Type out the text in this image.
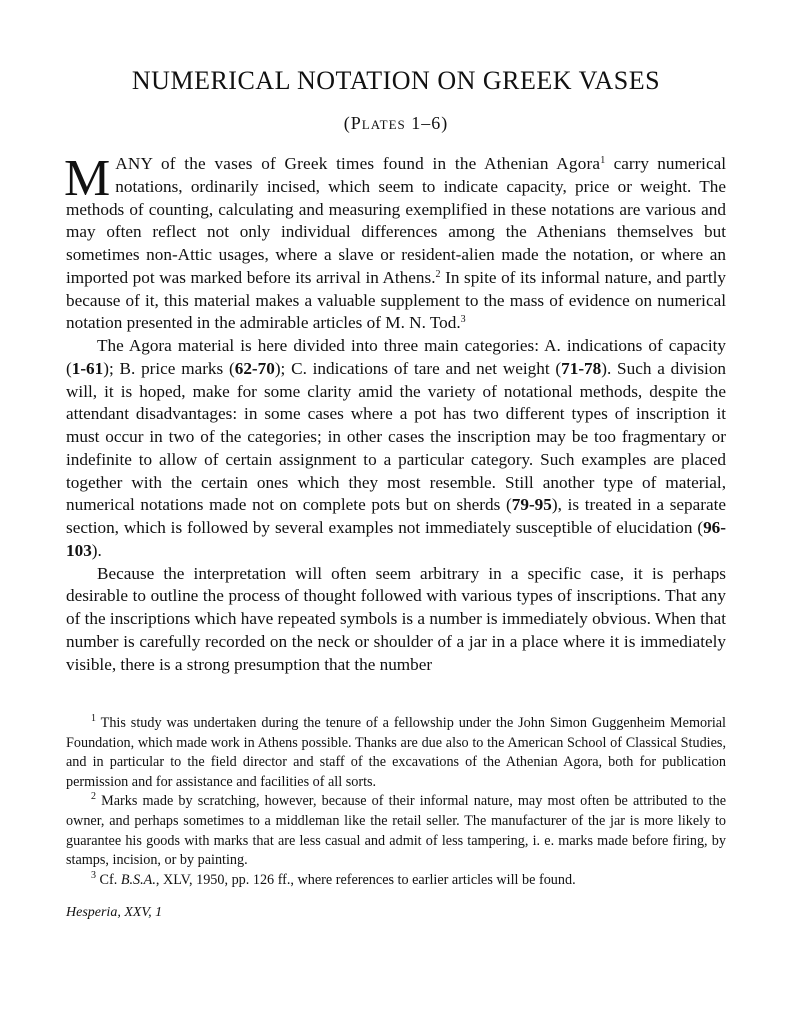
NUMERICAL NOTATION ON GREEK VASES
(Plates 1–6)

MANY of the vases of Greek times found in the Athenian Agora$^1$ carry numerical notations, ordinarily incised, which seem to indicate capacity, price or weight. The methods of counting, calculating and measuring exemplified in these notations are various and may often reflect not only individual differences among the Athenians themselves but sometimes non-Attic usages, where a slave or resident-alien made the notation, or where an imported pot was marked before its arrival in Athens.$^2$ In spite of its informal nature, and partly because of it, this material makes a valuable supplement to the mass of evidence on numerical notation presented in the admirable articles of M. N. Tod.$^3$

The Agora material is here divided into three main categories: A. indications of capacity (1-61); B. price marks (62-70); C. indications of tare and net weight (71-78). Such a division will, it is hoped, make for some clarity amid the variety of notational methods, despite the attendant disadvantages: in some cases where a pot has two different types of inscription it must occur in two of the categories; in other cases the inscription may be too fragmentary or indefinite to allow of certain assignment to a particular category. Such examples are placed together with the certain ones which they most resemble. Still another type of material, numerical notations made not on complete pots but on sherds (79-95), is treated in a separate section, which is followed by several examples not immediately susceptible of elucidation (96-103).

Because the interpretation will often seem arbitrary in a specific case, it is perhaps desirable to outline the process of thought followed with various types of inscriptions. That any of the inscriptions which have repeated symbols is a number is immediately obvious. When that number is carefully recorded on the neck or shoulder of a jar in a place where it is immediately visible, there is a strong presumption that the number

$^1$ This study was undertaken during the tenure of a fellowship under the John Simon Guggenheim Memorial Foundation, which made work in Athens possible. Thanks are due also to the American School of Classical Studies, and in particular to the field director and staff of the excavations of the Athenian Agora, both for publication permission and for assistance and facilities of all sorts.

$^2$ Marks made by scratching, however, because of their informal nature, may most often be attributed to the owner, and perhaps sometimes to a middleman like the retail seller. The manufacturer of the jar is more likely to guarantee his goods with marks that are less casual and admit of less tampering, i. e. marks made before firing, by stamps, incision, or by painting.

$^3$ Cf. B.S.A., XLV, 1950, pp. 126 ff., where references to earlier articles will be found.

Hesperia, XXV, 1
